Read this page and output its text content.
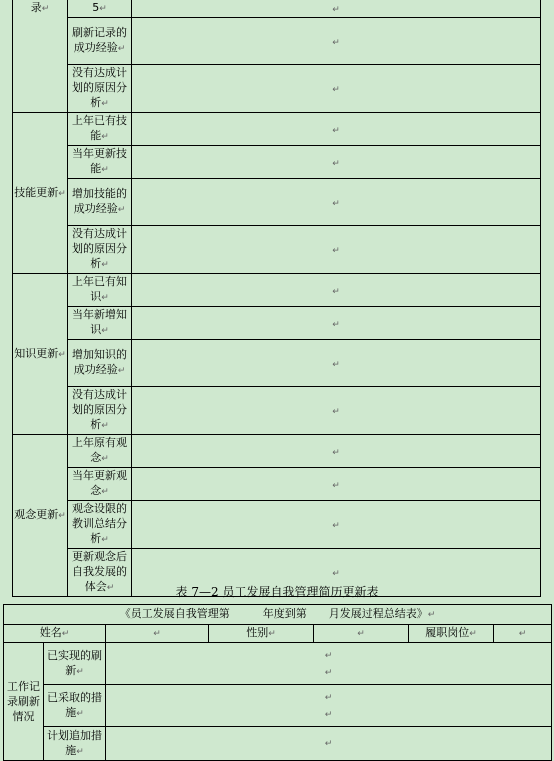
录↵	5↵	↵
	刷新记录的成功经验↵	↵
	没有达成计划的原因分析↵	↵
技能更新↵	上年已有技能↵	↵
	当年更新技能↵	↵
	增加技能的成功经验↵	↵
	没有达成计划的原因分析↵	↵
知识更新↵	上年已有知识↵	↵
	当年新增知识↵	↵
	增加知识的成功经验↵	↵
	没有达成计划的原因分析↵	↵
观念更新↵	上年原有观念↵	↵
	当年更新观念↵	↵
	观念设限的教训总结分析↵	↵
	更新观念后自我发展的体会↵	↵
表 7—2 员工发展自我管理简历更新表
《员工发展自我管理第　　　年度到第　　月发展过程总结表》↵						
姓名↵		↵	性别↵	↵	履职岗位↵	↵
工作记录刷新情况	已实现的刷新↵	↵
↵				
	已采取的措施↵	↵
↵				
	计划追加措施↵	↵				
